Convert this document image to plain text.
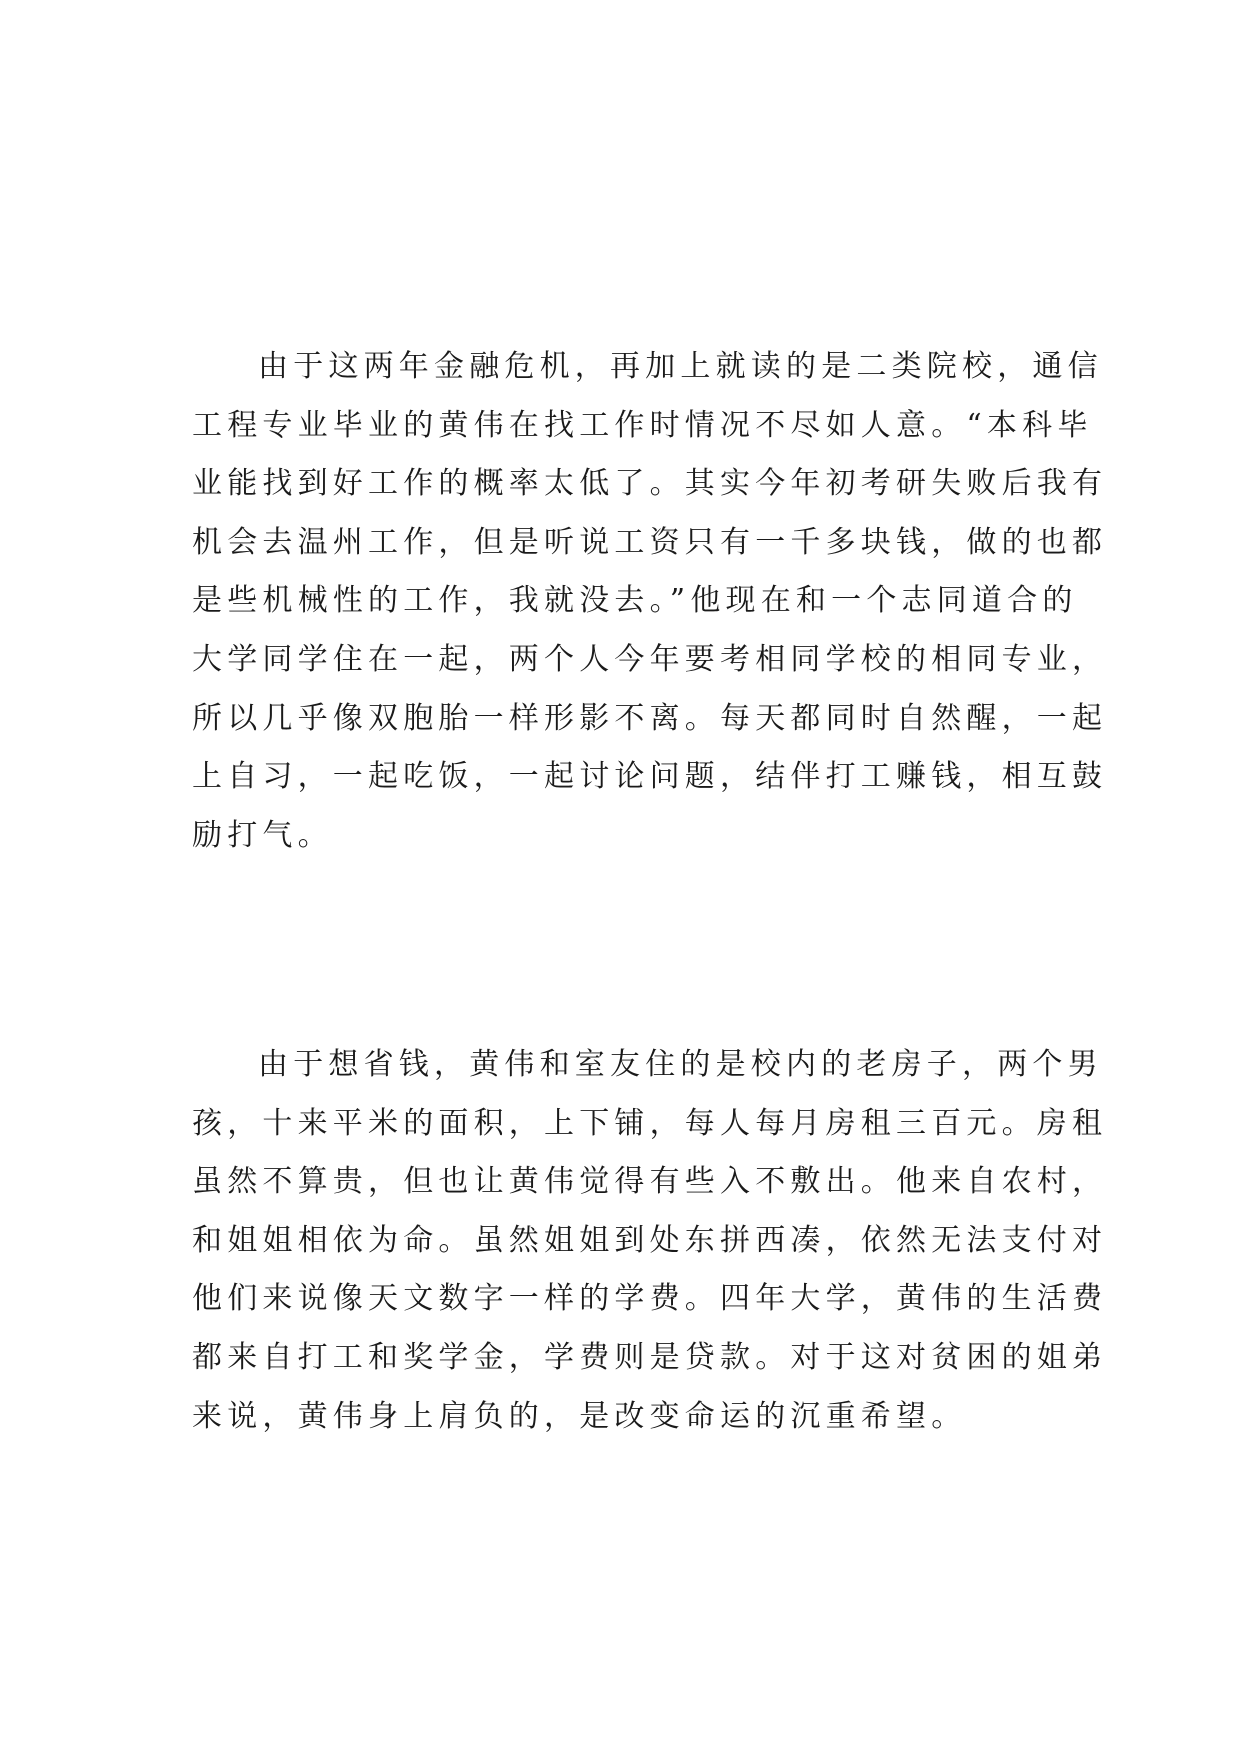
由于这两年金融危机，再加上就读的是二类院校，通信
工程专业毕业的黄伟在找工作时情况不尽如人意。“本科毕
业能找到好工作的概率太低了。其实今年初考研失败后我有
机会去温州工作，但是听说工资只有一千多块钱，做的也都
是些机械性的工作，我就没去。”他现在和一个志同道合的
大学同学住在一起，两个人今年要考相同学校的相同专业，
所以几乎像双胞胎一样形影不离。每天都同时自然醒，一起
上自习，一起吃饭，一起讨论问题，结伴打工赚钱，相互鼓
励打气。
由于想省钱，黄伟和室友住的是校内的老房子，两个男
孩，十来平米的面积，上下铺，每人每月房租三百元。房租
虽然不算贵，但也让黄伟觉得有些入不敷出。他来自农村，
和姐姐相依为命。虽然姐姐到处东拼西凑，依然无法支付对
他们来说像天文数字一样的学费。四年大学，黄伟的生活费
都来自打工和奖学金，学费则是贷款。对于这对贫困的姐弟
来说，黄伟身上肩负的，是改变命运的沉重希望。
